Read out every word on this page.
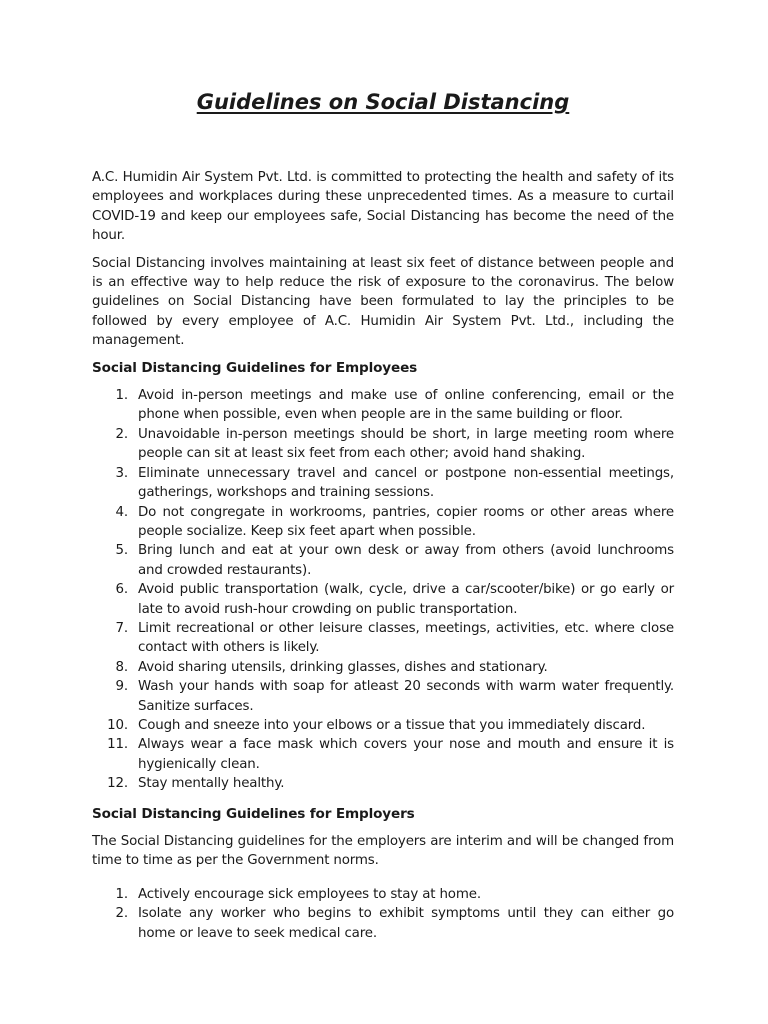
Guidelines on Social Distancing

A.C. Humidin Air System Pvt. Ltd. is committed to protecting the health and safety of its employees and workplaces during these unprecedented times. As a measure to curtail COVID-19 and keep our employees safe, Social Distancing has become the need of the hour.

Social Distancing involves maintaining at least six feet of distance between people and is an effective way to help reduce the risk of exposure to the coronavirus. The below guidelines on Social Distancing have been formulated to lay the principles to be followed by every employee of A.C. Humidin Air System Pvt. Ltd., including the management.

Social Distancing Guidelines for Employees
1. Avoid in-person meetings and make use of online conferencing, email or the phone when possible, even when people are in the same building or floor.
2. Unavoidable in-person meetings should be short, in large meeting room where people can sit at least six feet from each other; avoid hand shaking.
3. Eliminate unnecessary travel and cancel or postpone non-essential meetings, gatherings, workshops and training sessions.
4. Do not congregate in workrooms, pantries, copier rooms or other areas where people socialize. Keep six feet apart when possible.
5. Bring lunch and eat at your own desk or away from others (avoid lunchrooms and crowded restaurants).
6. Avoid public transportation (walk, cycle, drive a car/scooter/bike) or go early or late to avoid rush-hour crowding on public transportation.
7. Limit recreational or other leisure classes, meetings, activities, etc. where close contact with others is likely.
8. Avoid sharing utensils, drinking glasses, dishes and stationary.
9. Wash your hands with soap for atleast 20 seconds with warm water frequently. Sanitize surfaces.
10. Cough and sneeze into your elbows or a tissue that you immediately discard.
11. Always wear a face mask which covers your nose and mouth and ensure it is hygienically clean.
12. Stay mentally healthy.
Social Distancing Guidelines for Employers

The Social Distancing guidelines for the employers are interim and will be changed from time to time as per the Government norms.

1. Actively encourage sick employees to stay at home.
2. Isolate any worker who begins to exhibit symptoms until they can either go home or leave to seek medical care.
